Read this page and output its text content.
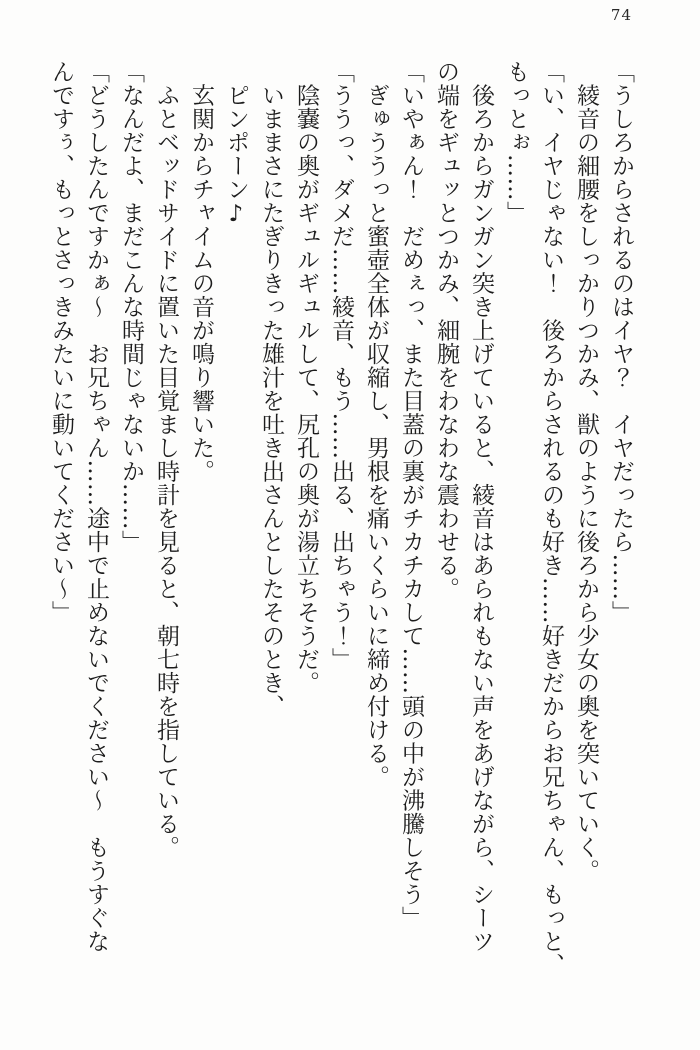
74
「うしろからされるのはイヤ？　イヤだったら……」
　綾音の細腰をしっかりつかみ、獣のように後ろから少女の奥を突いていく。
「い、イヤじゃない！　後ろからされるのも好き……好きだからお兄ちゃん、もっと、
もっとぉ……」
　後ろからガンガン突き上げていると、綾音はあられもない声をあげながら、シーツ
の端をギュッとつかみ、細腕をわなわな震わせる。
「いやぁん！　だめぇっ、また目蓋の裏がチカチカして……頭の中が沸騰しそう」
　ぎゅううっと蜜壺全体が収縮し、男根を痛いくらいに締め付ける。
「ううっ、ダメだ……綾音、もう……出る、出ちゃう！」
　陰嚢の奥がギュルギュルして、尻孔の奥が湯立ちそうだ。
　いままさにたぎりきった雄汁を吐き出さんとしたそのとき、
　ピンポーン♪
　玄関からチャイムの音が鳴り響いた。
　ふとベッドサイドに置いた目覚まし時計を見ると、朝七時を指している。
「なんだよ、まだこんな時間じゃないか……」
「どうしたんですかぁ～　お兄ちゃん……途中で止めないでください～　もうすぐな
んですぅ、もっとさっきみたいに動いてください～」
